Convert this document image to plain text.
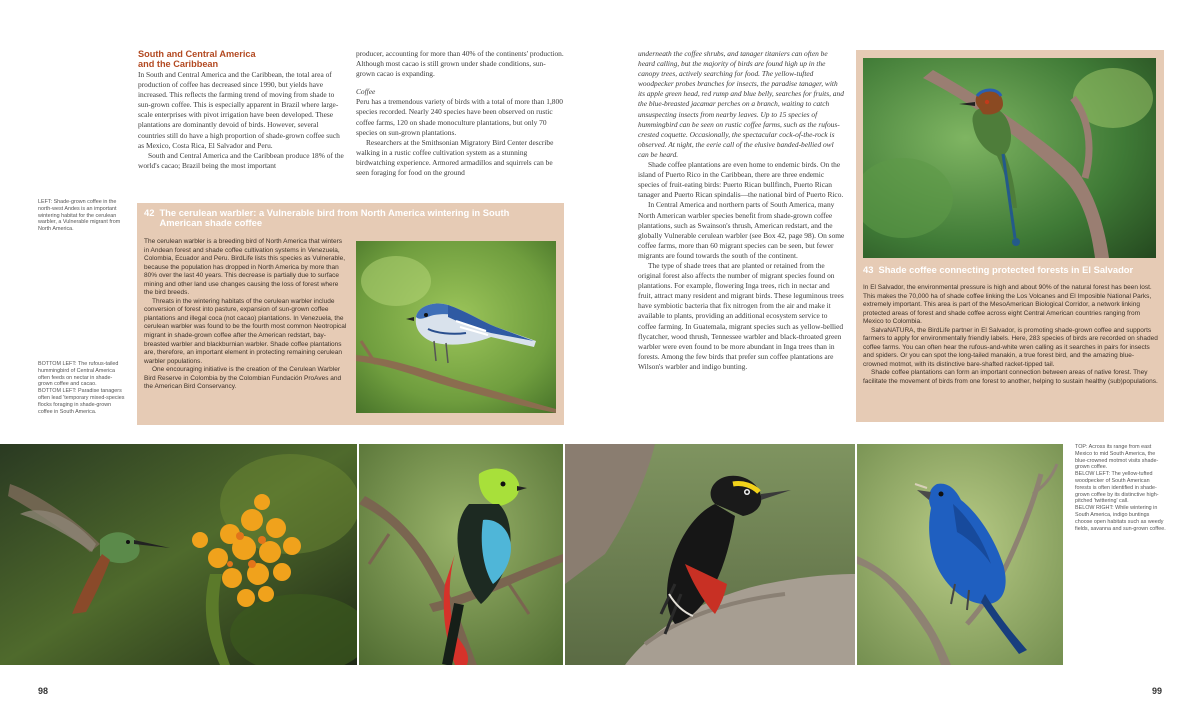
South and Central America
and the Caribbean

In South and Central America and the Caribbean, the total area of production of coffee has decreased since 1990, but yields have increased. This reflects the farming trend of moving from shade to sun-grown coffee. This is especially apparent in Brazil where large-scale enterprises with pivot irrigation have been developed. These plantations are dominantly devoid of birds. However, several countries still do have a high proportion of shade-grown coffee such as Mexico, Costa Rica, El Salvador and Peru.

South and Central America and the Caribbean produce 18% of the world's cacao; Brazil being the most important

producer, accounting for more than 40% of the continents' production. Although most cacao is still grown under shade conditions, sun-grown cacao is expanding.

Coffee

Peru has a tremendous variety of birds with a total of more than 1,800 species recorded. Nearly 240 species have been observed on rustic coffee farms, 120 on shade monoculture plantations, but only 70 species on sun-grown plantations.

Researchers at the Smithsonian Migratory Bird Center describe walking in a rustic coffee cultivation system as a stunning birdwatching experience. Armored armadillos and squirrels can be seen foraging for food on the ground

LEFT: Shade-grown coffee in the north-west Andes is an important wintering habitat for the cerulean warbler, a Vulnerable migrant from North America.
BOTTOM LEFT: The rufous-tailed hummingbird of Central America often feeds on nectar in shade-grown coffee and cacao.
BOTTOM LEFT: Paradise tanagers often lead 'temporary mixed-species flocks foraging in shade-grown coffee in South America.
42 The cerulean warbler: a Vulnerable bird from North America wintering in South American shade coffee

The cerulean warbler is a breeding bird of North America that winters in Andean forest and shade coffee cultivation systems in Venezuela, Colombia, Ecuador and Peru. BirdLife lists this species as Vulnerable, because the population has dropped in North America by more than 80% over the last 40 years. This decrease is partially due to surface mining and other land use changes causing the loss of forest where the bird breeds.

Threats in the wintering habitats of the cerulean warbler include conversion of forest into pasture, expansion of sun-grown coffee plantations and illegal coca (not cacao) plantations. In Venezuela, the cerulean warbler was found to be the fourth most common Neotropical migrant in shade-grown coffee after the American redstart, bay-breasted warbler and blackburnian warbler. Shade coffee plantations are, therefore, an important element in protecting remaining cerulean warbler populations.

One encouraging initiative is the creation of the Cerulean Warbler Bird Reserve in Colombia by the Colombian Fundación ProAves and the American Bird Conservancy.

98

underneath the coffee shrubs, and tanager titaniers can often be heard calling, but the majority of birds are found high up in the canopy trees, actively searching for food. The yellow-tufted woodpecker probes branches for insects, the paradise tanager, with its apple green head, red rump and blue belly, searches for fruits, and the blue-breasted jacamar perches on a branch, waiting to catch unsuspecting insects from nearby leaves. Up to 15 species of hummingbird can be seen on rustic coffee farms, such as the rufous-crested coquette. Occasionally, the spectacular cock-of-the-rock is observed. At night, the eerie call of the elusive banded-bellied owl can be heard.

Shade coffee plantations are even home to endemic birds. On the island of Puerto Rico in the Caribbean, there are three endemic species of fruit-eating birds: Puerto Rican bullfinch, Puerto Rican tanager and Puerto Rican spindalis—the national bird of Puerto Rico.

In Central America and northern parts of South America, many North American warbler species benefit from shade-grown coffee plantations, such as Swainson's thrush, American redstart, and the globally Vulnerable cerulean warbler (see Box 42, page 98). On some coffee farms, more than 60 migrant species can be seen, but fewer migrants are found towards the south of the continent.

The type of shade trees that are planted or retained from the original forest also affects the number of migrant species found on plantations. For example, flowering Inga trees, rich in nectar and fruit, attract many resident and migrant birds. These leguminous trees have symbiotic bacteria that fix nitrogen from the air and make it available to plants, providing an additional ecosystem service to coffee farming. In Guatemala, migrant species such as yellow-bellied flycatcher, wood thrush, Tennessee warbler and black-throated green warbler were even found to be more abundant in Inga trees than in forests. Among the few birds that prefer sun coffee plantations are Wilson's warbler and indigo bunting.

43 Shade coffee connecting protected forests in El Salvador

In El Salvador, the environmental pressure is high and about 90% of the natural forest has been lost. This makes the 70,000 ha of shade coffee linking the Los Volcanes and El Imposible National Parks, extremely important. This area is part of the MesoAmerican Biological Corridor, a network linking protected areas of forest and shade coffee across eight Central American countries ranging from Mexico to Colombia.

SalvaNATURA, the BirdLife partner in El Salvador, is promoting shade-grown coffee and supports farmers to apply for environmentally friendly labels. Here, 283 species of birds are recorded on shaded coffee farms. You can often hear the rufous-and-white wren calling as it searches in pairs for insects and spiders. Or you can spot the long-tailed manakin, a true forest bird, and the amazing blue-crowned motmot, with its distinctive bare-shafted racket-tipped tail.

Shade coffee plantations can form an important connection between areas of native forest. They facilitate the movement of birds from one forest to another, helping to sustain healthy (sub)populations.

TOP: Across its range from east Mexico to mid South America, the blue-crowned motmot visits shade-grown coffee.
BELOW LEFT: The yellow-tufted woodpecker of South American forests is often identified in shade-grown coffee by its distinctive high-pitched 'twittering' call.
BELOW RIGHT: While wintering in South America, indigo buntings choose open habitats such as weedy fields, savanna and sun-grown coffee.
99
